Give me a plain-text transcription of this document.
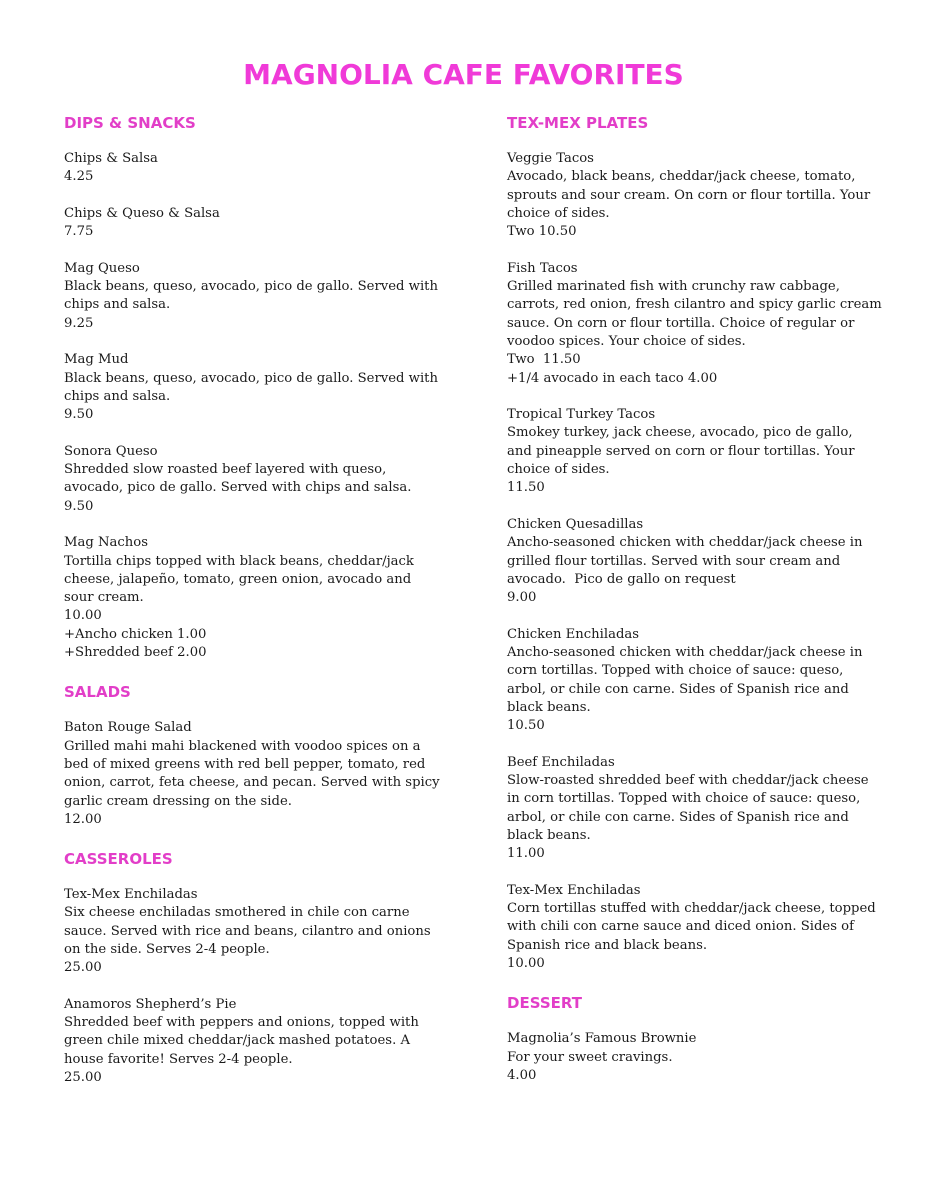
MAGNOLIA CAFE FAVORITES
DIPS & SNACKS
Chips & Salsa
4.25
Chips & Queso & Salsa
7.75
Mag Queso
Black beans, queso, avocado, pico de gallo. Served with
chips and salsa.
9.25
Mag Mud
Black beans, queso, avocado, pico de gallo. Served with
chips and salsa.
9.50
Sonora Queso
Shredded slow roasted beef layered with queso,
avocado, pico de gallo. Served with chips and salsa.
9.50
Mag Nachos
Tortilla chips topped with black beans, cheddar/jack
cheese, jalapeño, tomato, green onion, avocado and
sour cream.
10.00
+Ancho chicken 1.00
+Shredded beef 2.00
SALADS
Baton Rouge Salad
Grilled mahi mahi blackened with voodoo spices on a
bed of mixed greens with red bell pepper, tomato, red
onion, carrot, feta cheese, and pecan. Served with spicy
garlic cream dressing on the side.
12.00
CASSEROLES
Tex-Mex Enchiladas
Six cheese enchiladas smothered in chile con carne
sauce. Served with rice and beans, cilantro and onions
on the side. Serves 2-4 people.
25.00
Anamoros Shepherd’s Pie
Shredded beef with peppers and onions, topped with
green chile mixed cheddar/jack mashed potatoes. A
house favorite! Serves 2-4 people.
25.00
TEX-MEX PLATES
Veggie Tacos
Avocado, black beans, cheddar/jack cheese, tomato,
sprouts and sour cream. On corn or flour tortilla. Your
choice of sides.
Two 10.50
Fish Tacos
Grilled marinated fish with crunchy raw cabbage,
carrots, red onion, fresh cilantro and spicy garlic cream
sauce. On corn or flour tortilla. Choice of regular or
voodoo spices. Your choice of sides.
Two  11.50
+1/4 avocado in each taco 4.00
Tropical Turkey Tacos
Smokey turkey, jack cheese, avocado, pico de gallo,
and pineapple served on corn or flour tortillas. Your
choice of sides.
11.50
Chicken Quesadillas
Ancho-seasoned chicken with cheddar/jack cheese in
grilled flour tortillas. Served with sour cream and
avocado.  Pico de gallo on request
9.00
Chicken Enchiladas
Ancho-seasoned chicken with cheddar/jack cheese in
corn tortillas. Topped with choice of sauce: queso,
arbol, or chile con carne. Sides of Spanish rice and
black beans.
10.50
Beef Enchiladas
Slow-roasted shredded beef with cheddar/jack cheese
in corn tortillas. Topped with choice of sauce: queso,
arbol, or chile con carne. Sides of Spanish rice and
black beans.
11.00
Tex-Mex Enchiladas
Corn tortillas stuffed with cheddar/jack cheese, topped
with chili con carne sauce and diced onion. Sides of
Spanish rice and black beans.
10.00
DESSERT
Magnolia’s Famous Brownie
For your sweet cravings.
4.00
